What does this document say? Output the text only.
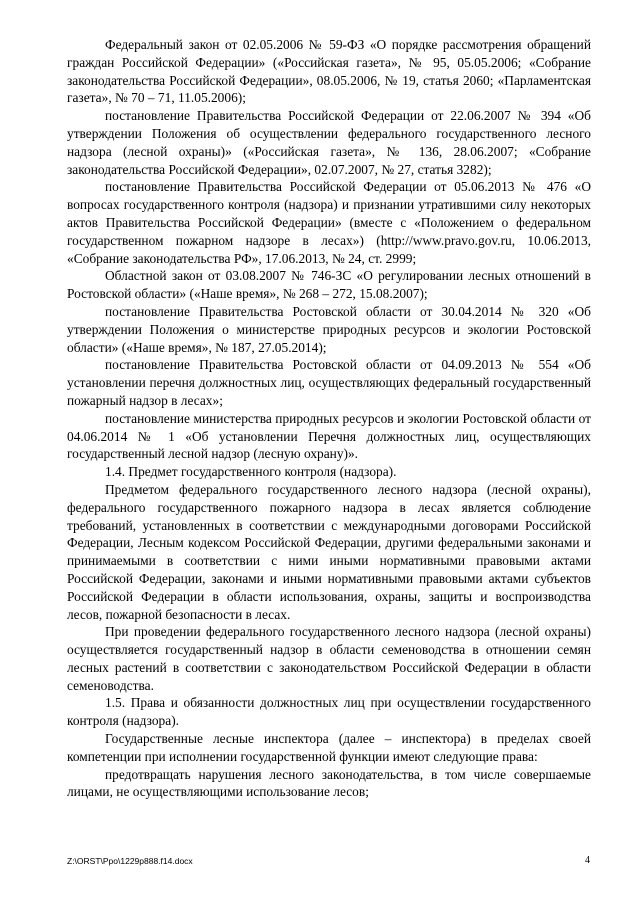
Федеральный закон от 02.05.2006 № 59-ФЗ «О порядке рассмотрения обращений граждан Российской Федерации» («Российская газета», № 95, 05.05.2006; «Собрание законодательства Российской Федерации», 08.05.2006, № 19, статья 2060; «Парламентская газета», № 70 – 71, 11.05.2006);

постановление Правительства Российской Федерации от 22.06.2007 № 394 «Об утверждении Положения об осуществлении федерального государственного лесного надзора (лесной охраны)» («Российская газета», № 136, 28.06.2007; «Собрание законодательства Российской Федерации», 02.07.2007, № 27, статья 3282);

постановление Правительства Российской Федерации от 05.06.2013 № 476 «О вопросах государственного контроля (надзора) и признании утратившими силу некоторых актов Правительства Российской Федерации» (вместе с «Положением о федеральном государственном пожарном надзоре в лесах») (http://www.pravo.gov.ru, 10.06.2013, «Собрание законодательства РФ», 17.06.2013, № 24, ст. 2999;

Областной закон от 03.08.2007 № 746-ЗС «О регулировании лесных отношений в Ростовской области» («Наше время», № 268 – 272, 15.08.2007);

постановление Правительства Ростовской области от 30.04.2014 № 320 «Об утверждении Положения о министерстве природных ресурсов и экологии Ростовской области» («Наше время», № 187, 27.05.2014);

постановление Правительства Ростовской области от 04.09.2013 № 554 «Об установлении перечня должностных лиц, осуществляющих федеральный государственный пожарный надзор в лесах»;

постановление министерства природных ресурсов и экологии Ростовской области от 04.06.2014 № 1 «Об установлении Перечня должностных лиц, осуществляющих государственный лесной надзор (лесную охрану)».

1.4. Предмет государственного контроля (надзора).

Предметом федерального государственного лесного надзора (лесной охраны), федерального государственного пожарного надзора в лесах является соблюдение требований, установленных в соответствии с международными договорами Российской Федерации, Лесным кодексом Российской Федерации, другими федеральными законами и принимаемыми в соответствии с ними иными нормативными правовыми актами Российской Федерации, законами и иными нормативными правовыми актами субъектов Российской Федерации в области использования, охраны, защиты и воспроизводства лесов, пожарной безопасности в лесах.

При проведении федерального государственного лесного надзора (лесной охраны) осуществляется государственный надзор в области семеноводства в отношении семян лесных растений в соответствии с законодательством Российской Федерации в области семеноводства.

1.5. Права и обязанности должностных лиц при осуществлении государственного контроля (надзора).

Государственные лесные инспектора (далее – инспектора) в пределах своей компетенции при исполнении государственной функции имеют следующие права:

предотвращать нарушения лесного законодательства, в том числе совершаемые лицами, не осуществляющими использование лесов;

Z:\ORST\Ppo\1229p888.f14.docx	4
